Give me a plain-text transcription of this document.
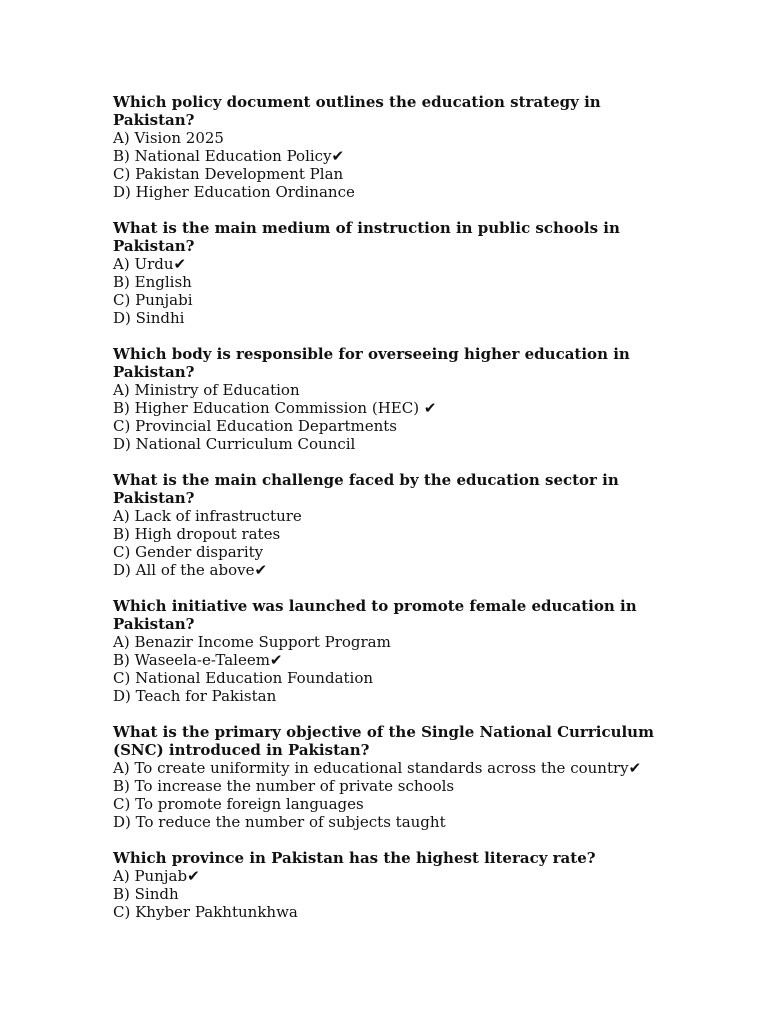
Which policy document outlines the education strategy in Pakistan?

A) Vision 2025

B) National Education Policy✔

C) Pakistan Development Plan

D) Higher Education Ordinance

What is the main medium of instruction in public schools in Pakistan?

A) Urdu✔

B) English

C) Punjabi

D) Sindhi

Which body is responsible for overseeing higher education in Pakistan?

A) Ministry of Education

B) Higher Education Commission (HEC) ✔

C) Provincial Education Departments

D) National Curriculum Council

What is the main challenge faced by the education sector in Pakistan?

A) Lack of infrastructure

B) High dropout rates

C) Gender disparity

D) All of the above✔

Which initiative was launched to promote female education in Pakistan?

A) Benazir Income Support Program

B) Waseela-e-Taleem✔

C) National Education Foundation

D) Teach for Pakistan

What is the primary objective of the Single National Curriculum (SNC) introduced in Pakistan?

A) To create uniformity in educational standards across the country✔

B) To increase the number of private schools

C) To promote foreign languages

D) To reduce the number of subjects taught

Which province in Pakistan has the highest literacy rate?

A) Punjab✔

B) Sindh

C) Khyber Pakhtunkhwa
